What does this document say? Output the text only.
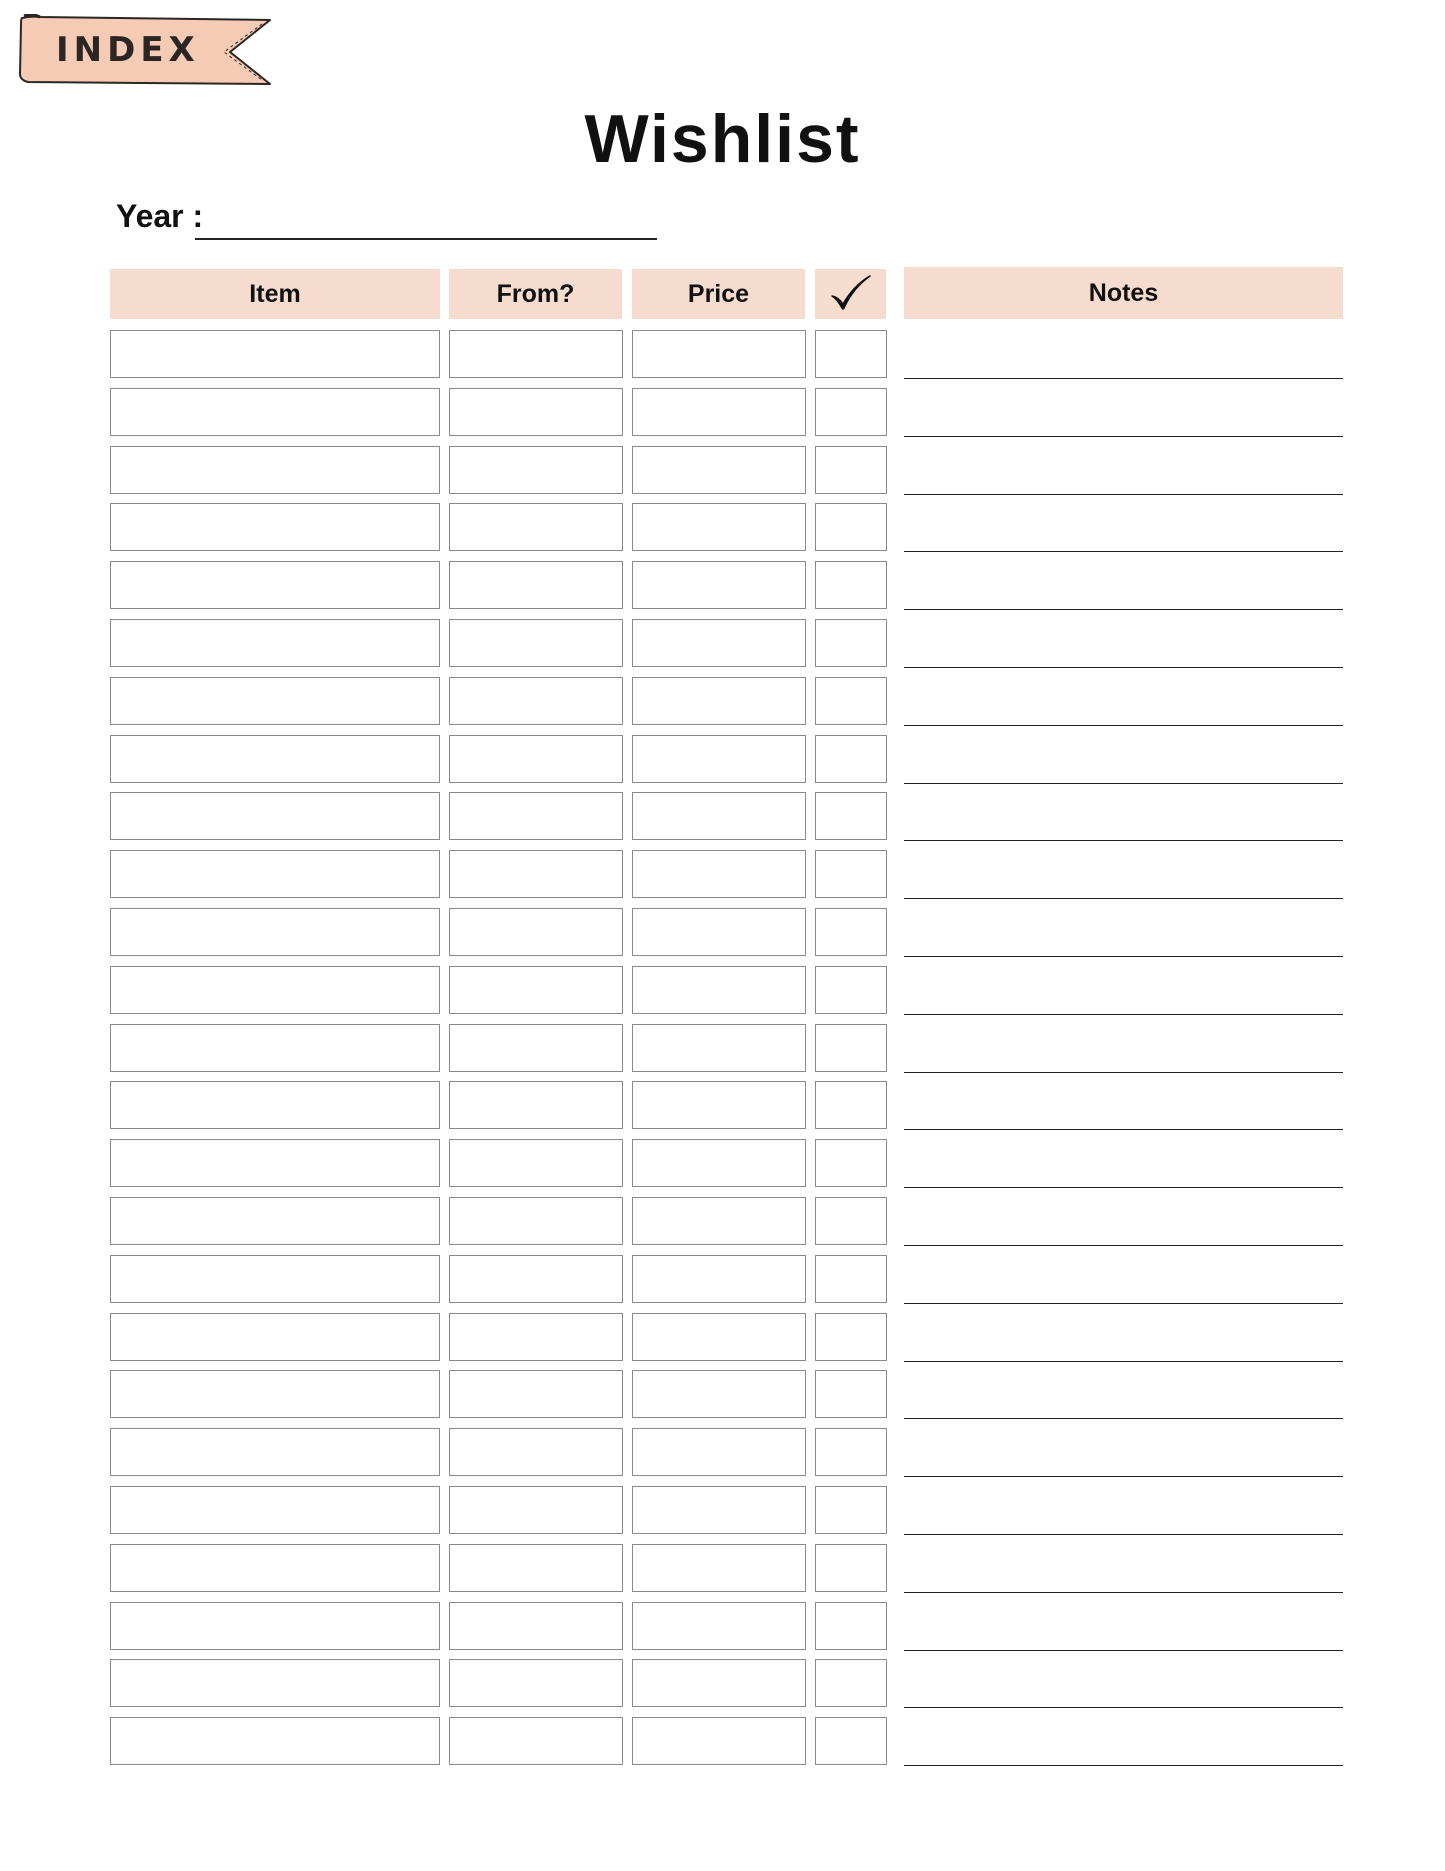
INDEX
Wishlist
Year :
Item	From?	Price	Notes
